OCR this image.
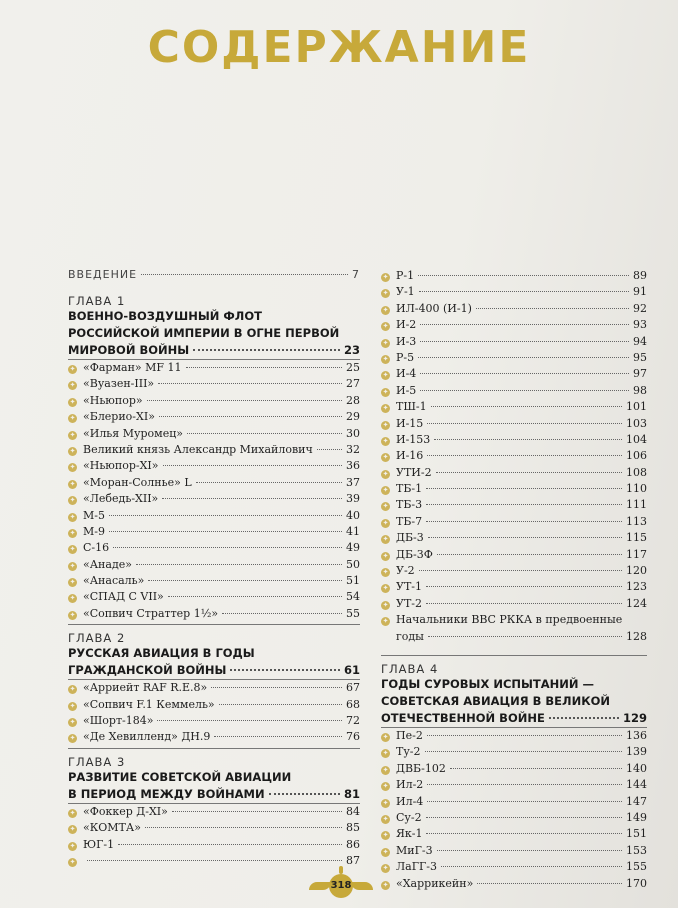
СОДЕРЖАНИЕ
ВВЕДЕНИЕ	7
ГЛАВА 1
ВОЕННО-ВОЗДУШНЫЙ ФЛОТ
РОССИЙСКОЙ ИМПЕРИИ В ОГНЕ ПЕРВОЙ
МИРОВОЙ ВОЙНЫ	23
✦ «Фарман» MF 11	25
✦ «Вуазен-III»	27
✦ «Ньюпор»	28
✦ «Блерио-XI»	29
✦ «Илья Муромец»	30
✦ Великий князь Александр Михайлович	32
✦ «Ньюпор-XI»	36
✦ «Моран-Солнье» L	37
✦ «Лебедь-XII»	39
✦ М-5	40
✦ М-9	41
✦ С-16	49
✦ «Анаде»	50
✦ «Анасаль»	51
✦ «СПАД С VII»	54
✦ «Сопвич Страттер 1½»	55
ГЛАВА 2
РУССКАЯ АВИАЦИЯ В ГОДЫ
ГРАЖДАНСКОЙ ВОЙНЫ	61
✦ «Арриейт RAF R.E.8»	67
✦ «Сопвич F.1 Кеммель»	68
✦ «Шорт-184»	72
✦ «Де Хевилленд» ДН.9	76
ГЛАВА 3
РАЗВИТИЕ СОВЕТСКОЙ АВИАЦИИ
В ПЕРИОД МЕЖДУ ВОЙНАМИ	81
✦ «Фоккер Д-XI»	84
✦ «КОМТА»	85
✦ ЮГ-1	86
✦	87
✦ Р-1	89
✦ У-1	91
✦ ИЛ-400 (И-1)	92
✦ И-2	93
✦ И-3	94
✦ Р-5	95
✦ И-4	97
✦ И-5	98
✦ ТШ-1	101
✦ И-15	103
✦ И-153	104
✦ И-16	106
✦ УТИ-2	108
✦ ТБ-1	110
✦ ТБ-3	111
✦ ТБ-7	113
✦ ДБ-3	115
✦ ДБ-3Ф	117
✦ У-2	120
✦ УТ-1	123
✦ УТ-2	124
✦ Начальники ВВС РККА в предвоенные
годы	128
ГЛАВА 4
ГОДЫ СУРОВЫХ ИСПЫТАНИЙ —
СОВЕТСКАЯ АВИАЦИЯ В ВЕЛИКОЙ
ОТЕЧЕСТВЕННОЙ ВОЙНЕ	129
✦ Пе-2	136
✦ Ту-2	139
✦ ДВБ-102	140
✦ Ил-2	144
✦ Ил-4	147
✦ Су-2	149
✦ Як-1	151
✦ МиГ-3	153
✦ ЛаГГ-3	155
✦ «Харрикейн»	170
318
